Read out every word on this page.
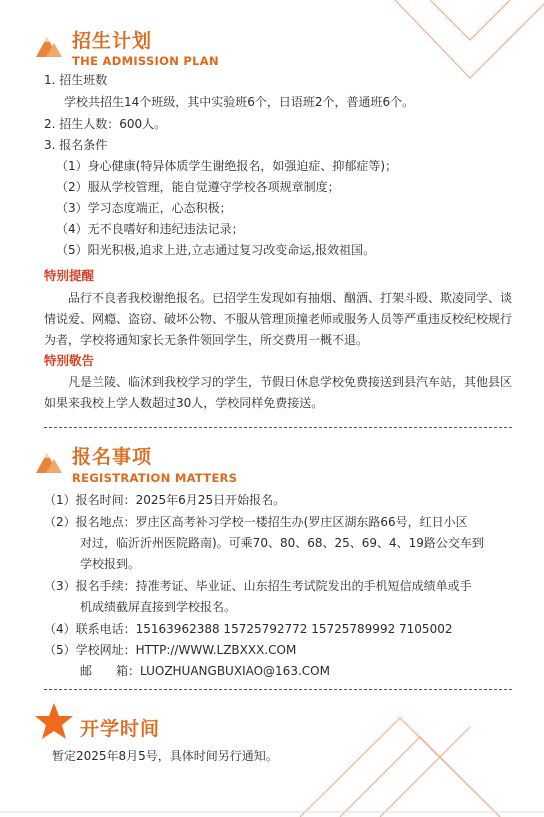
招生计划
THE ADMISSION PLAN
1. 招生班数
学校共招生14个班级，其中实验班6个，日语班2个，普通班6个。
2. 招生人数：600人。
3. 报名条件
（1）身心健康(特异体质学生谢绝报名，如强迫症、抑郁症等)；
（2）服从学校管理，能自觉遵守学校各项规章制度；
（3）学习态度端正，心态积极；
（4）无不良嗜好和违纪违法记录；
（5）阳光积极,追求上进,立志通过复习改变命运,报效祖国。
特别提醒
品行不良者我校谢绝报名。已招学生发现如有抽烟、酗酒、打架斗殴、欺凌同学、谈情说爱、网瘾、盗窃、破坏公物、不服从管理顶撞老师或服务人员等严重违反校纪校规行为者，学校将通知家长无条件领回学生，所交费用一概不退。
特别敬告
凡是兰陵、临沭到我校学习的学生，节假日休息学校免费接送到县汽车站，其他县区如果来我校上学人数超过30人，学校同样免费接送。
报名事项
REGISTRATION MATTERS
（1）报名时间：2025年6月25日开始报名。
（2）报名地点：罗庄区高考补习学校一楼招生办(罗庄区湖东路66号，红日小区
对过，临沂沂州医院路南)。可乘70、80、68、25、69、4、19路公交车到
学校报到。
（3）报名手续：持准考证、毕业证、山东招生考试院发出的手机短信成绩单或手
机成绩截屏直接到学校报名。
（4）联系电话：15163962388 15725792772 15725789992 7105002
（5）学校网址：HTTP://WWW.LZBXXX.COM
邮　　箱：LUOZHUANGBUXIAO@163.COM
开学时间
暂定2025年8月5号，具体时间另行通知。
